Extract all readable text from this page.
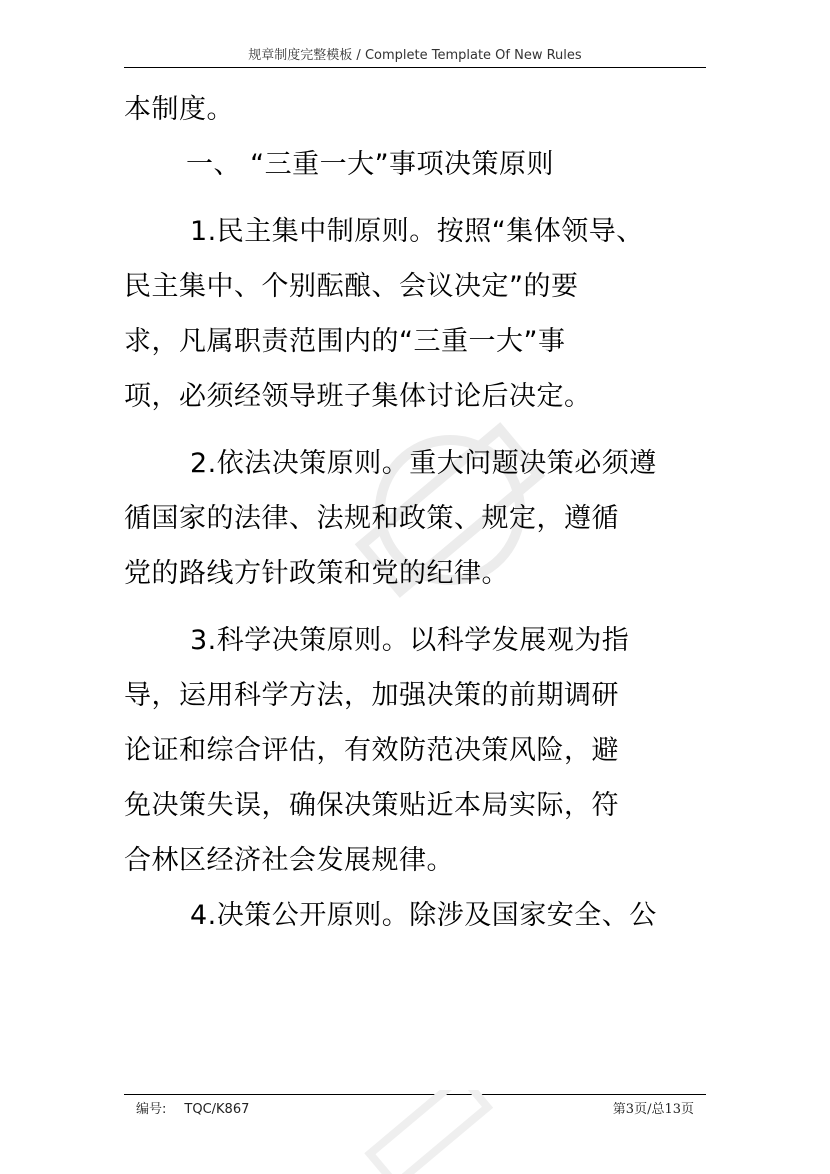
规章制度完整模板 / Complete Template Of New Rules
本制度。
一、 “三重一大”事项决策原则
1.民主集中制原则。按照“集体领导、
民主集中、个别酝酿、会议决定”的要
求，凡属职责范围内的“三重一大”事
项，必须经领导班子集体讨论后决定。
2.依法决策原则。重大问题决策必须遵
循国家的法律、法规和政策、规定，遵循
党的路线方针政策和党的纪律。
3.科学决策原则。以科学发展观为指
导，运用科学方法，加强决策的前期调研
论证和综合评估，有效防范决策风险，避
免决策失误，确保决策贴近本局实际，符
合林区经济社会发展规律。
4.决策公开原则。除涉及国家安全、公
编号: TQC/K867	第3页/总13页
